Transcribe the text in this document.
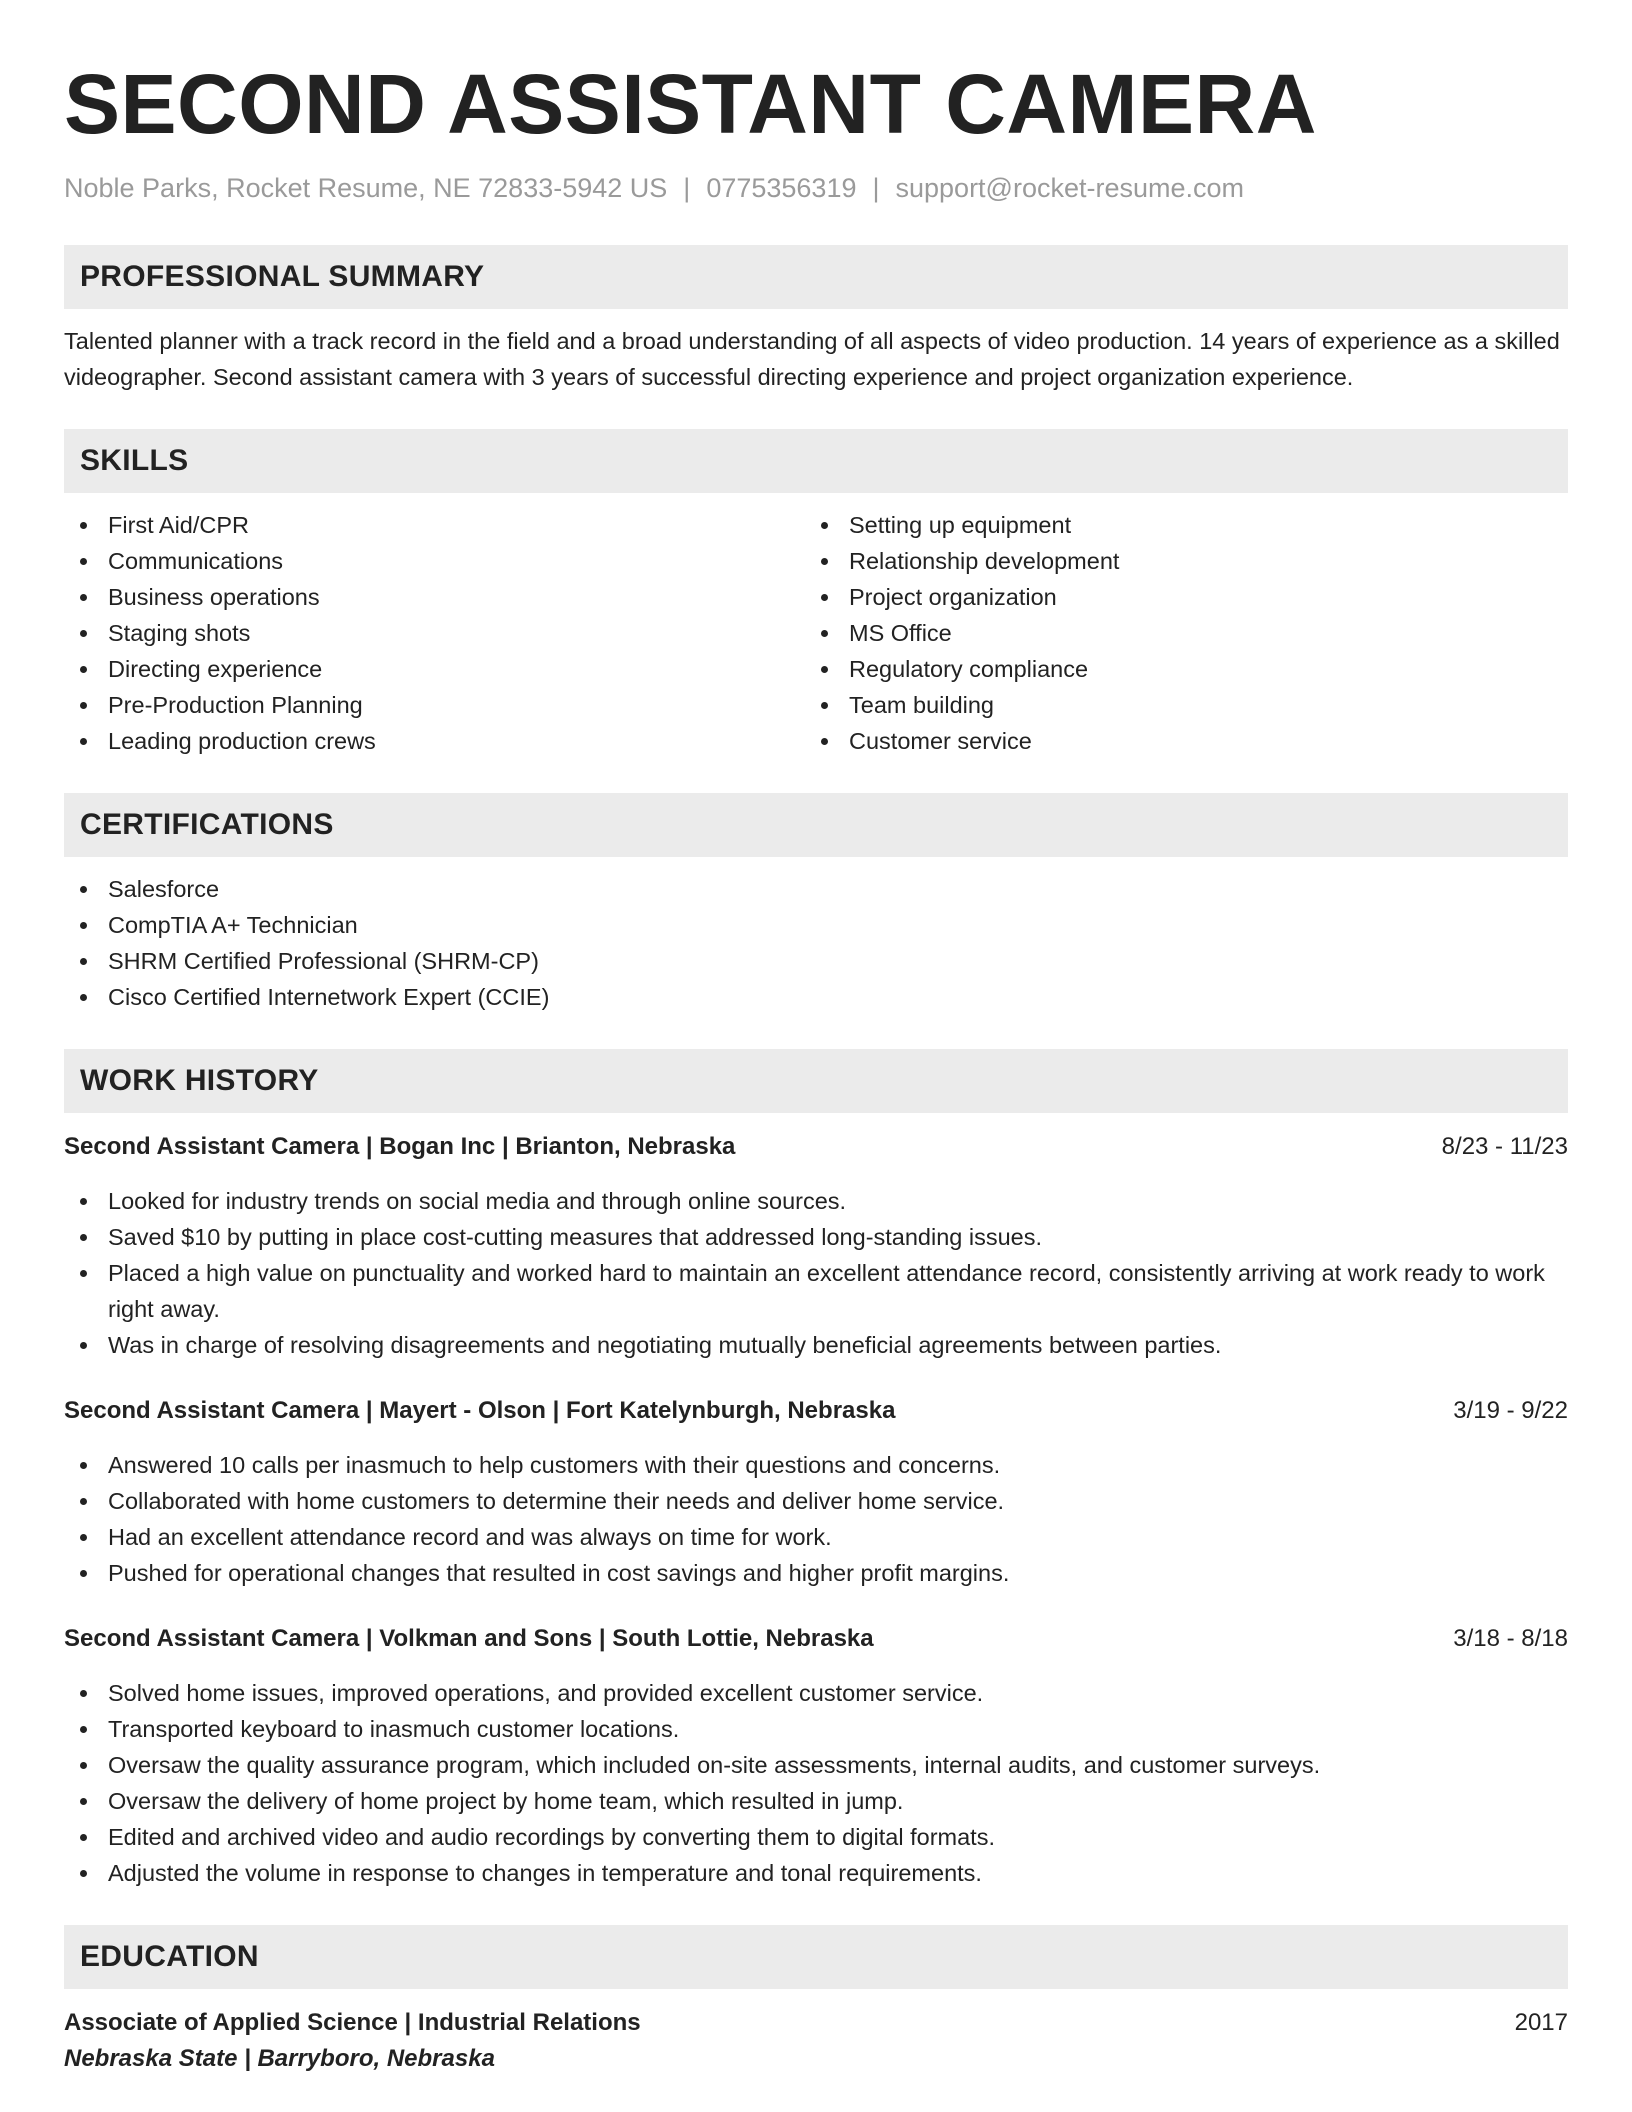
SECOND ASSISTANT CAMERA
Noble Parks, Rocket Resume, NE 72833-5942 US | 0775356319 | support@rocket-resume.com
PROFESSIONAL SUMMARY
Talented planner with a track record in the field and a broad understanding of all aspects of video production. 14 years of experience as a skilled videographer. Second assistant camera with 3 years of successful directing experience and project organization experience.
SKILLS
First Aid/CPR
Communications
Business operations
Staging shots
Directing experience
Pre-Production Planning
Leading production crews
Setting up equipment
Relationship development
Project organization
MS Office
Regulatory compliance
Team building
Customer service
CERTIFICATIONS
Salesforce
CompTIA A+ Technician
SHRM Certified Professional (SHRM-CP)
Cisco Certified Internetwork Expert (CCIE)
WORK HISTORY
Second Assistant Camera | Bogan Inc | Brianton, Nebraska	8/23 - 11/23
Looked for industry trends on social media and through online sources.
Saved $10 by putting in place cost-cutting measures that addressed long-standing issues.
Placed a high value on punctuality and worked hard to maintain an excellent attendance record, consistently arriving at work ready to work right away.
Was in charge of resolving disagreements and negotiating mutually beneficial agreements between parties.
Second Assistant Camera | Mayert - Olson | Fort Katelynburgh, Nebraska	3/19 - 9/22
Answered 10 calls per inasmuch to help customers with their questions and concerns.
Collaborated with home customers to determine their needs and deliver home service.
Had an excellent attendance record and was always on time for work.
Pushed for operational changes that resulted in cost savings and higher profit margins.
Second Assistant Camera | Volkman and Sons | South Lottie, Nebraska	3/18 - 8/18
Solved home issues, improved operations, and provided excellent customer service.
Transported keyboard to inasmuch customer locations.
Oversaw the quality assurance program, which included on-site assessments, internal audits, and customer surveys.
Oversaw the delivery of home project by home team, which resulted in jump.
Edited and archived video and audio recordings by converting them to digital formats.
Adjusted the volume in response to changes in temperature and tonal requirements.
EDUCATION
Associate of Applied Science | Industrial Relations	2017
Nebraska State | Barryboro, Nebraska
